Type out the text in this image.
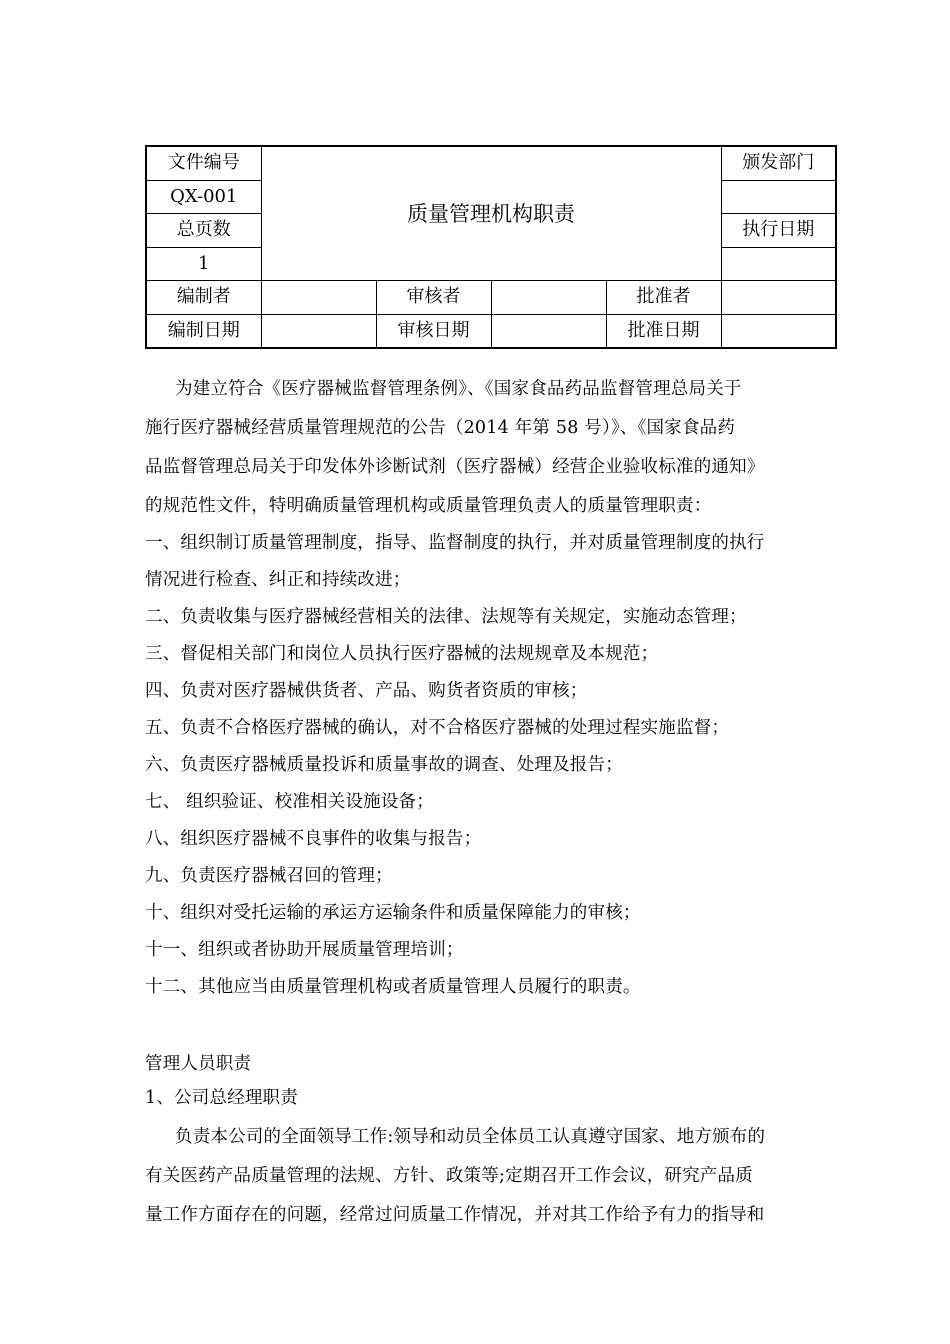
文件编号	质量管理机构职责				颁发部门
QX-001					
总页数					执行日期
1					
编制者		审核者		批准者	
编制日期		审核日期		批准日期	
为建立符合《医疗器械监督管理条例》、《国家食品药品监督管理总局关于
施行医疗器械经营质量管理规范的公告（2014 年第 58 号）》、《国家食品药
品监督管理总局关于印发体外诊断试剂（医疗器械）经营企业验收标准的通知》
的规范性文件，特明确质量管理机构或质量管理负责人的质量管理职责：
一、组织制订质量管理制度，指导、监督制度的执行，并对质量管理制度的执行
情况进行检查、纠正和持续改进；
二、负责收集与医疗器械经营相关的法律、法规等有关规定，实施动态管理；
三、督促相关部门和岗位人员执行医疗器械的法规规章及本规范；
四、负责对医疗器械供货者、产品、购货者资质的审核；
五、负责不合格医疗器械的确认，对不合格医疗器械的处理过程实施监督；
六、负责医疗器械质量投诉和质量事故的调查、处理及报告；
七、 组织验证、校准相关设施设备；
八、组织医疗器械不良事件的收集与报告；
九、负责医疗器械召回的管理；
十、组织对受托运输的承运方运输条件和质量保障能力的审核；
十一、组织或者协助开展质量管理培训；
十二、其他应当由质量管理机构或者质量管理人员履行的职责。
管理人员职责
1、公司总经理职责
负责本公司的全面领导工作:领导和动员全体员工认真遵守国家、地方颁布的
有关医药产品质量管理的法规、方针、政策等;定期召开工作会议，研究产品质
量工作方面存在的问题，经常过问质量工作情况，并对其工作给予有力的指导和
